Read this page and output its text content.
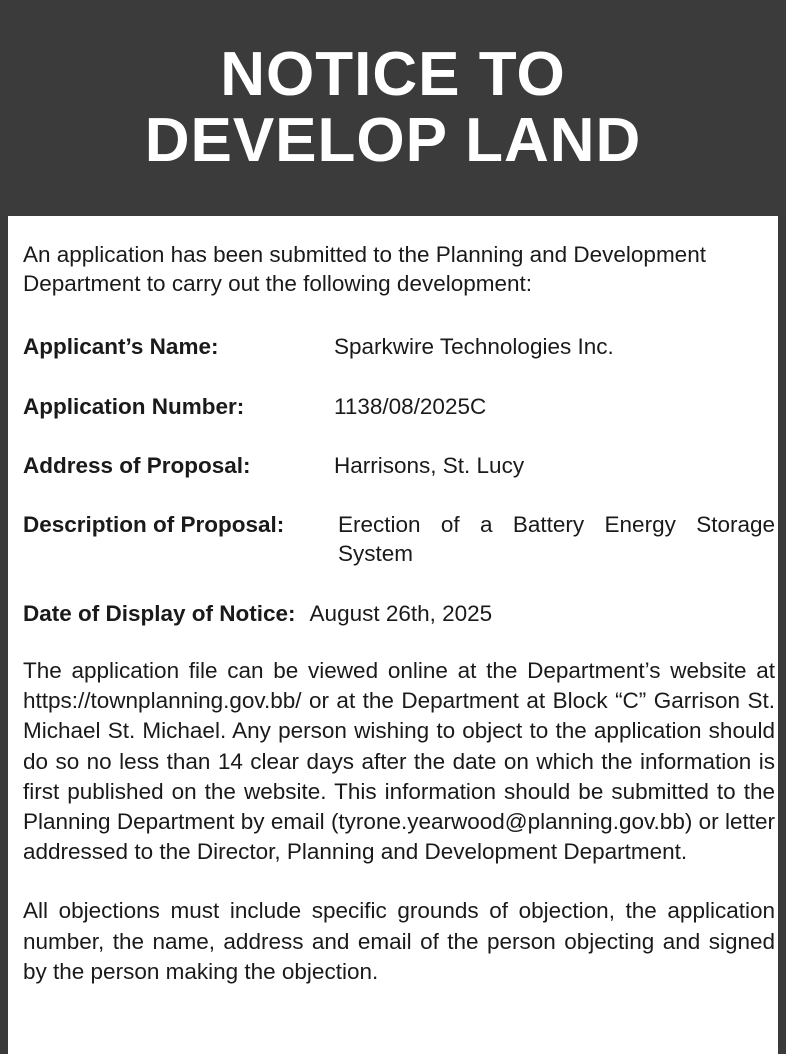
NOTICE TO
DEVELOP LAND

An application has been submitted to the Planning and Development Department to carry out the following development:

Applicant’s Name:	Sparkwire Technologies Inc.
Application Number:	1138/08/2025C
Address of Proposal:	Harrisons, St. Lucy
Description of Proposal:	Erection of a Battery Energy Storage System
Date of Display of Notice: August 26th, 2025

The application file can be viewed online at the Department’s website at https://townplanning.gov.bb/ or at the Department at Block “C” Garrison St. Michael St. Michael. Any person wishing to object to the application should do so no less than 14 clear days after the date on which the information is first published on the website. This information should be submitted to the Planning Department by email (tyrone.yearwood@planning.gov.bb) or letter addressed to the Director, Planning and Development Department.

All objections must include specific grounds of objection, the application number, the name, address and email of the person objecting and signed by the person making the objection.
